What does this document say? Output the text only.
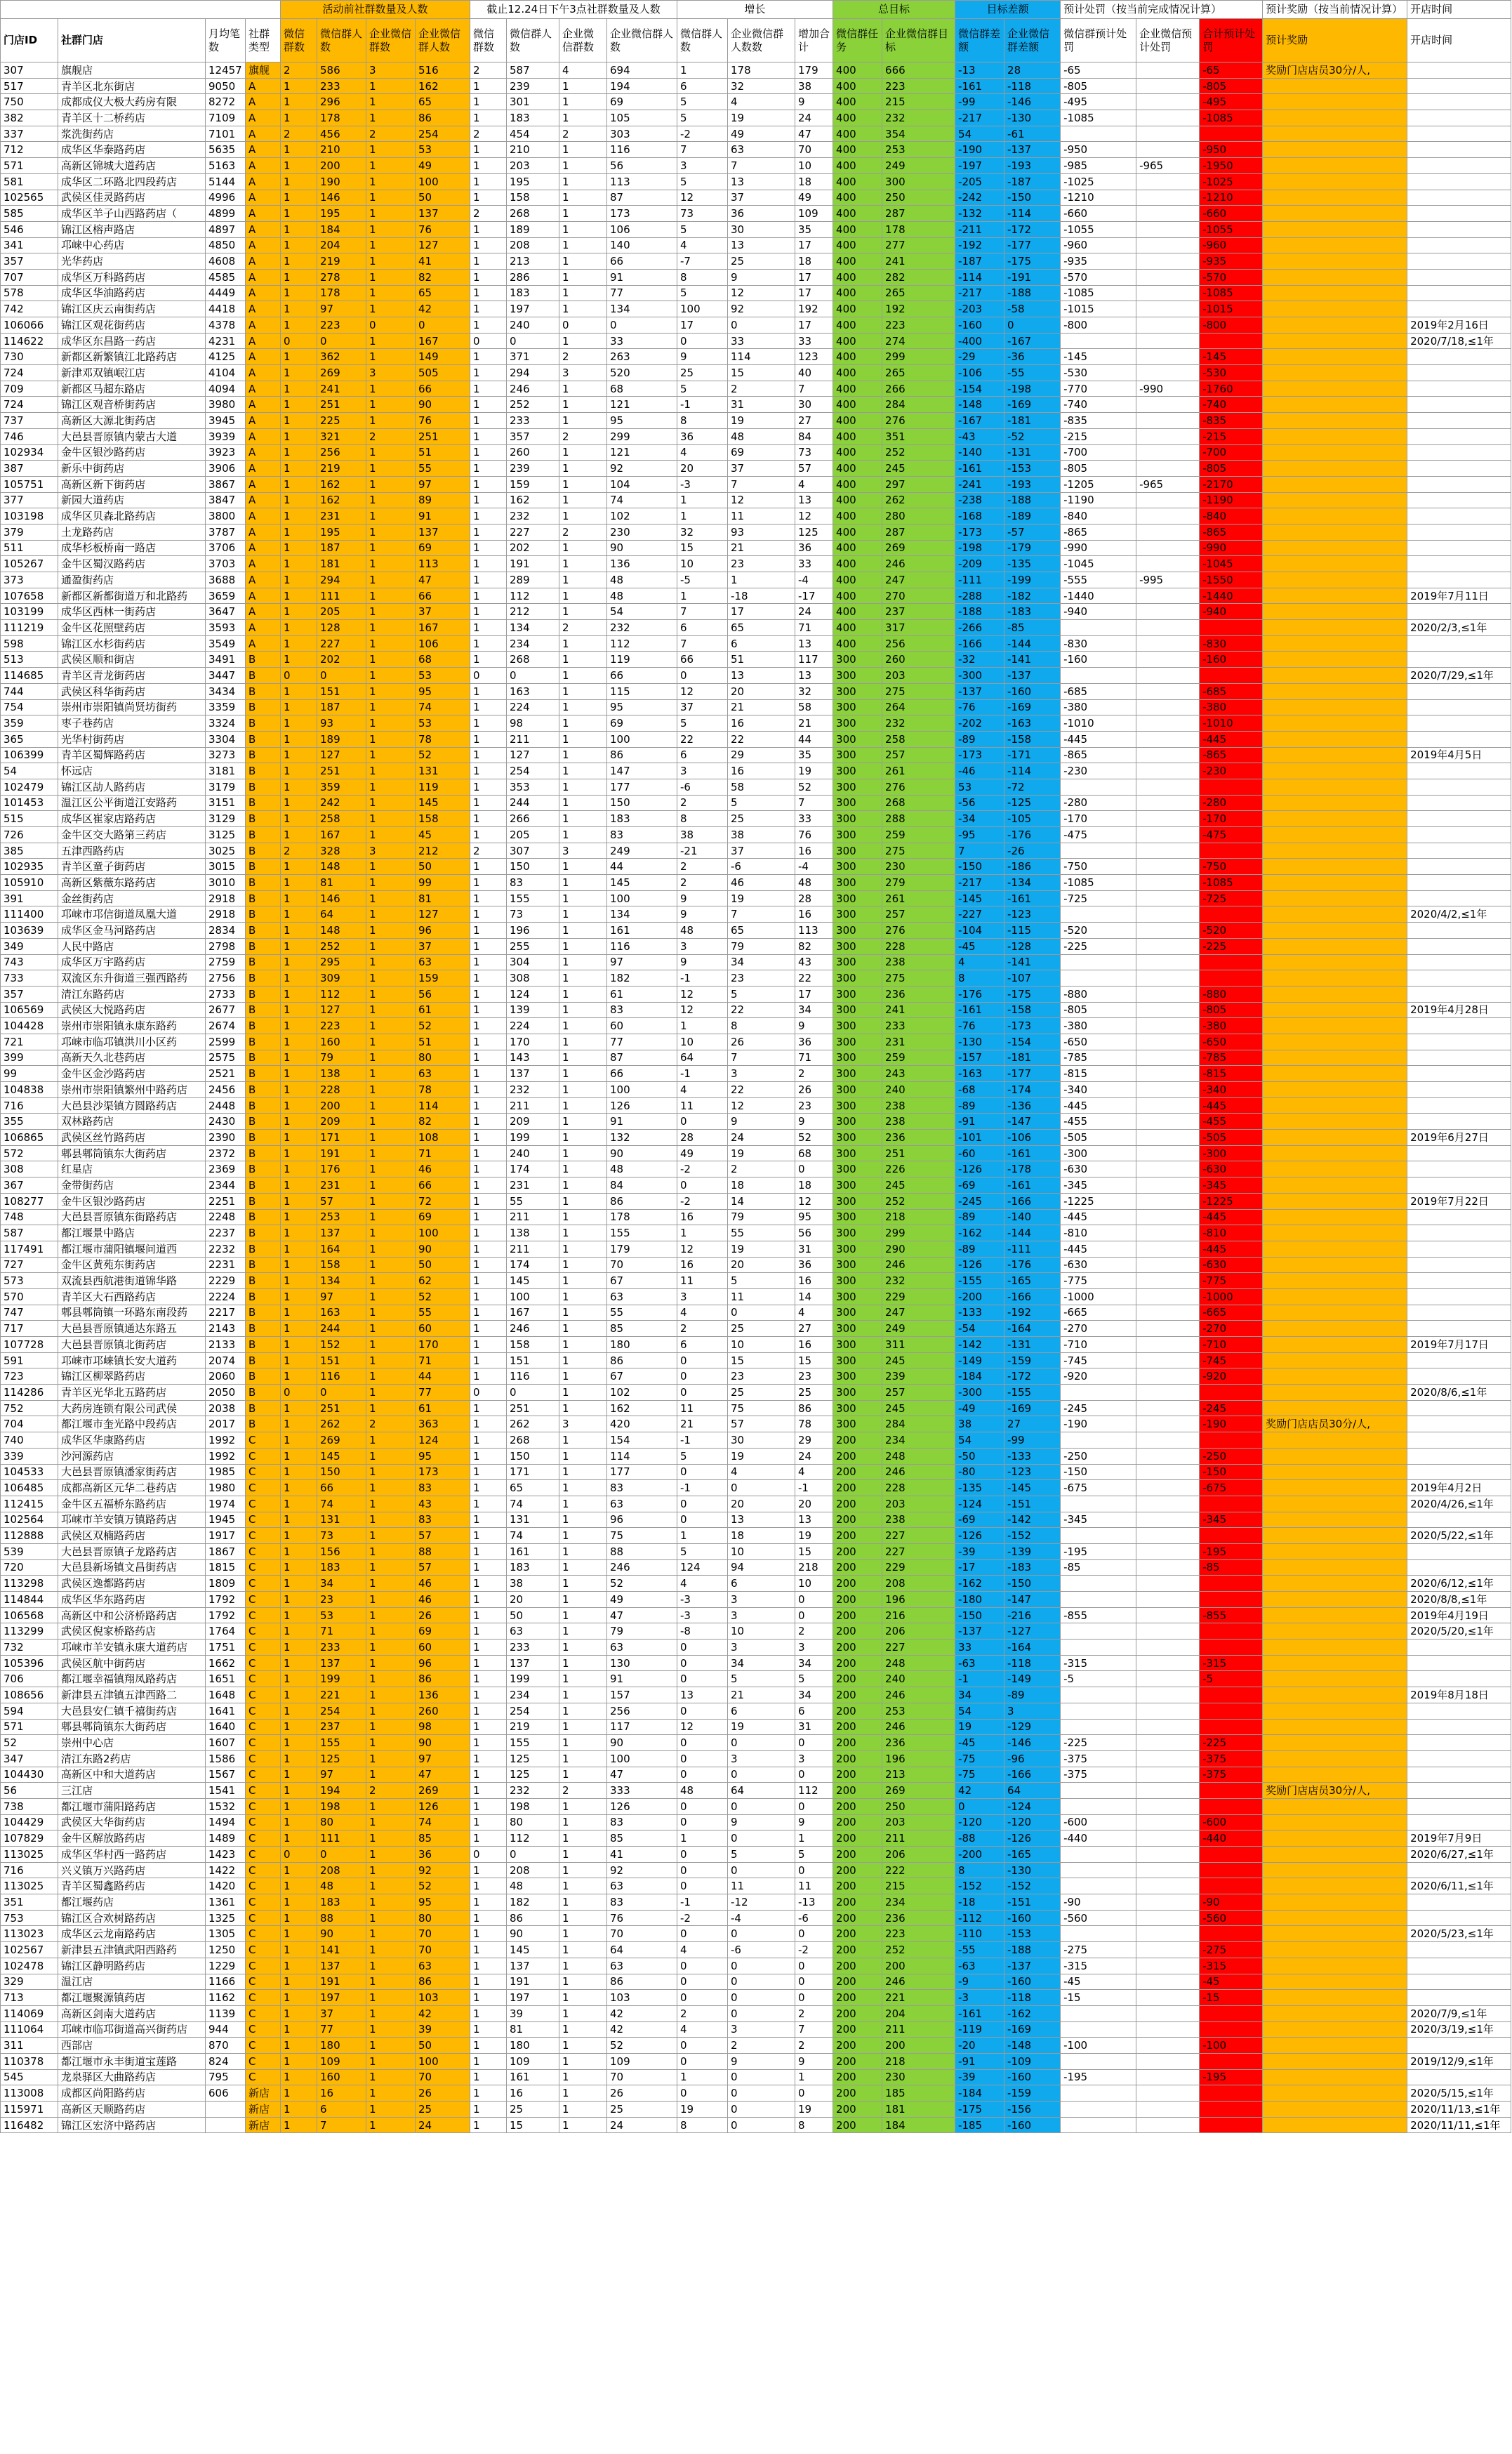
				活动前社群数量及人数				截止12.24日下午3点社群数量及人数				增长			总目标		目标差额		预计处罚（按当前完成情况计算）			预计奖励（按当前情况计算）	开店时间
门店ID	社群门店	月均笔数	社群类型	微信群数	微信群人数	企业微信群数	企业微信群人数	微信群数	微信群人数	企业微信群数	企业微信群人数	微信群人数	企业微信群人数数	增加合计	微信群任务	企业微信群目标	微信群差额	企业微信群差额	微信群预计处罚	企业微信预计处罚	合计预计处罚	预计奖励	开店时间
307	旗舰店	12457	旗舰	2	586	3	516	2	587	4	694	1	178	179	400	666	-13	28	-65		-65	奖励门店店员30分/人,	
517	青羊区北东街店	9050	A	1	233	1	162	1	239	1	194	6	32	38	400	223	-161	-118	-805		-805		
750	成都成仪大极大药房有限	8272	A	1	296	1	65	1	301	1	69	5	4	9	400	215	-99	-146	-495		-495		
382	青羊区十二桥药店	7109	A	1	178	1	86	1	183	1	105	5	19	24	400	232	-217	-130	-1085		-1085		
337	浆洗街药店	7101	A	2	456	2	254	2	454	2	303	-2	49	47	400	354	54	-61					
712	成华区华泰路药店	5635	A	1	210	1	53	1	210	1	116	7	63	70	400	253	-190	-137	-950		-950		
571	高新区锦城大道药店	5163	A	1	200	1	49	1	203	1	56	3	7	10	400	249	-197	-193	-985	-965	-1950		
581	成华区二环路北四段药店	5144	A	1	190	1	100	1	195	1	113	5	13	18	400	300	-205	-187	-1025		-1025		
102565	武侯区佳灵路药店	4996	A	1	146	1	50	1	158	1	87	12	37	49	400	250	-242	-150	-1210		-1210		
585	成华区羊子山西路药店（	4899	A	1	195	1	137	2	268	1	173	73	36	109	400	287	-132	-114	-660		-660		
546	锦江区榕声路店	4897	A	1	184	1	76	1	189	1	106	5	30	35	400	178	-211	-172	-1055		-1055		
341	邛崃中心药店	4850	A	1	204	1	127	1	208	1	140	4	13	17	400	277	-192	-177	-960		-960		
357	光华药店	4608	A	1	219	1	41	1	213	1	66	-7	25	18	400	241	-187	-175	-935		-935		
707	成华区万科路药店	4585	A	1	278	1	82	1	286	1	91	8	9	17	400	282	-114	-191	-570		-570		
578	成华区华油路药店	4449	A	1	178	1	65	1	183	1	77	5	12	17	400	265	-217	-188	-1085		-1085		
742	锦江区庆云南街药店	4418	A	1	97	1	42	1	197	1	134	100	92	192	400	192	-203	-58	-1015		-1015		
106066	锦江区观花街药店	4378	A	1	223	0	0	1	240	0	0	17	0	17	400	223	-160	0	-800		-800		2019年2月16日
114622	成华区东昌路一药店	4231	A	0	0	1	167	0	0	1	33	0	33	33	400	274	-400	-167					2020/7/18,≤1年
730	新都区新繁镇江北路药店	4125	A	1	362	1	149	1	371	2	263	9	114	123	400	299	-29	-36	-145		-145		
724	新津邓双镇岷江店	4104	A	1	269	3	505	1	294	3	520	25	15	40	400	265	-106	-55	-530		-530		
709	新都区马超东路店	4094	A	1	241	1	66	1	246	1	68	5	2	7	400	266	-154	-198	-770	-990	-1760		
724	锦江区观音桥街药店	3980	A	1	251	1	90	1	252	1	121	-1	31	30	400	284	-148	-169	-740		-740		
737	高新区大源北街药店	3945	A	1	225	1	76	1	233	1	95	8	19	27	400	276	-167	-181	-835		-835		
746	大邑县晋原镇内蒙古大道	3939	A	1	321	2	251	1	357	2	299	36	48	84	400	351	-43	-52	-215		-215		
102934	金牛区银沙路药店	3923	A	1	256	1	51	1	260	1	121	4	69	73	400	252	-140	-131	-700		-700		
387	新乐中街药店	3906	A	1	219	1	55	1	239	1	92	20	37	57	400	245	-161	-153	-805		-805		
105751	高新区新下街药店	3867	A	1	162	1	97	1	159	1	104	-3	7	4	400	297	-241	-193	-1205	-965	-2170		
377	新园大道药店	3847	A	1	162	1	89	1	162	1	74	1	12	13	400	262	-238	-188	-1190		-1190		
103198	成华区贝森北路药店	3800	A	1	231	1	91	1	232	1	102	1	11	12	400	280	-168	-189	-840		-840		
379	土龙路药店	3787	A	1	195	1	137	1	227	2	230	32	93	125	400	287	-173	-57	-865		-865		
511	成华杉板桥南一路店	3706	A	1	187	1	69	1	202	1	90	15	21	36	400	269	-198	-179	-990		-990		
105267	金牛区蜀汉路药店	3703	A	1	181	1	113	1	191	1	136	10	23	33	400	246	-209	-135	-1045		-1045		
373	通盈街药店	3688	A	1	294	1	47	1	289	1	48	-5	1	-4	400	247	-111	-199	-555	-995	-1550		
107658	新都区新都街道万和北路药	3659	A	1	111	1	66	1	112	1	48	1	-18	-17	400	270	-288	-182	-1440		-1440		2019年7月11日
103199	成华区西林一街药店	3647	A	1	205	1	37	1	212	1	54	7	17	24	400	237	-188	-183	-940		-940		
111219	金牛区花照壁药店	3593	A	1	128	1	167	1	134	2	232	6	65	71	400	317	-266	-85					2020/2/3,≤1年
598	锦江区水杉街药店	3549	A	1	227	1	106	1	234	1	112	7	6	13	400	256	-166	-144	-830		-830		
513	武侯区顺和街店	3491	B	1	202	1	68	1	268	1	119	66	51	117	300	260	-32	-141	-160		-160		
114685	青羊区青龙街药店	3447	B	0	0	1	53	0	0	1	66	0	13	13	300	203	-300	-137					2020/7/29,≤1年
744	武侯区科华街药店	3434	B	1	151	1	95	1	163	1	115	12	20	32	300	275	-137	-160	-685		-685		
754	崇州市崇阳镇尚贤坊街药	3359	B	1	187	1	74	1	224	1	95	37	21	58	300	264	-76	-169	-380		-380		
359	枣子巷药店	3324	B	1	93	1	53	1	98	1	69	5	16	21	300	232	-202	-163	-1010		-1010		
365	光华村街药店	3304	B	1	189	1	78	1	211	1	100	22	22	44	300	258	-89	-158	-445		-445		
106399	青羊区蜀辉路药店	3273	B	1	127	1	52	1	127	1	86	6	29	35	300	257	-173	-171	-865		-865		2019年4月5日
54	怀远店	3181	B	1	251	1	131	1	254	1	147	3	16	19	300	261	-46	-114	-230		-230		
102479	锦江区劼人路药店	3179	B	1	359	1	119	1	353	1	177	-6	58	52	300	276	53	-72					
101453	温江区公平街道江安路药	3151	B	1	242	1	145	1	244	1	150	2	5	7	300	268	-56	-125	-280		-280		
515	成华区崔家店路药店	3129	B	1	258	1	158	1	266	1	183	8	25	33	300	288	-34	-105	-170		-170		
726	金牛区交大路第三药店	3125	B	1	167	1	45	1	205	1	83	38	38	76	300	259	-95	-176	-475		-475		
385	五津西路药店	3025	B	2	328	3	212	2	307	3	249	-21	37	16	300	275	7	-26					
102935	青羊区童子街药店	3015	B	1	148	1	50	1	150	1	44	2	-6	-4	300	230	-150	-186	-750		-750		
105910	高新区紫薇东路药店	3010	B	1	81	1	99	1	83	1	145	2	46	48	300	279	-217	-134	-1085		-1085		
391	金丝街药店	2918	B	1	146	1	81	1	155	1	100	9	19	28	300	261	-145	-161	-725		-725		
111400	邛崃市邛信街道凤凰大道	2918	B	1	64	1	127	1	73	1	134	9	7	16	300	257	-227	-123					2020/4/2,≤1年
103639	成华区金马河路药店	2834	B	1	148	1	96	1	196	1	161	48	65	113	300	276	-104	-115	-520		-520		
349	人民中路店	2798	B	1	252	1	37	1	255	1	116	3	79	82	300	228	-45	-128	-225		-225		
743	成华区万宇路药店	2759	B	1	295	1	63	1	304	1	97	9	34	43	300	238	4	-141					
733	双流区东升街道三强西路药	2756	B	1	309	1	159	1	308	1	182	-1	23	22	300	275	8	-107					
357	清江东路药店	2733	B	1	112	1	56	1	124	1	61	12	5	17	300	236	-176	-175	-880		-880		
106569	武侯区大悦路药店	2677	B	1	127	1	61	1	139	1	83	12	22	34	300	241	-161	-158	-805		-805		2019年4月28日
104428	崇州市崇阳镇永康东路药	2674	B	1	223	1	52	1	224	1	60	1	8	9	300	233	-76	-173	-380		-380		
721	邛崃市临邛镇洪川小区药	2599	B	1	160	1	51	1	170	1	77	10	26	36	300	231	-130	-154	-650		-650		
399	高新天久北巷药店	2575	B	1	79	1	80	1	143	1	87	64	7	71	300	259	-157	-181	-785		-785		
99	金牛区金沙路药店	2521	B	1	138	1	63	1	137	1	66	-1	3	2	300	243	-163	-177	-815		-815		
104838	崇州市崇阳镇繁州中路药店	2456	B	1	228	1	78	1	232	1	100	4	22	26	300	240	-68	-174	-340		-340		
716	大邑县沙渠镇方圆路药店	2448	B	1	200	1	114	1	211	1	126	11	12	23	300	238	-89	-136	-445		-445		
355	双林路药店	2430	B	1	209	1	82	1	209	1	91	0	9	9	300	238	-91	-147	-455		-455		
106865	武侯区丝竹路药店	2390	B	1	171	1	108	1	199	1	132	28	24	52	300	236	-101	-106	-505		-505		2019年6月27日
572	郫县郫筒镇东大街药店	2372	B	1	191	1	71	1	240	1	90	49	19	68	300	251	-60	-161	-300		-300		
308	红星店	2369	B	1	176	1	46	1	174	1	48	-2	2	0	300	226	-126	-178	-630		-630		
367	金带街药店	2344	B	1	231	1	66	1	231	1	84	0	18	18	300	245	-69	-161	-345		-345		
108277	金牛区银沙路药店	2251	B	1	57	1	72	1	55	1	86	-2	14	12	300	252	-245	-166	-1225		-1225		2019年7月22日
748	大邑县晋原镇东街路药店	2248	B	1	253	1	69	1	211	1	178	16	79	95	300	218	-89	-140	-445		-445		
587	都江堰景中路店	2237	B	1	137	1	100	1	138	1	155	1	55	56	300	299	-162	-144	-810		-810		
117491	都江堰市蒲阳镇堰问道西	2232	B	1	164	1	90	1	211	1	179	12	19	31	300	290	-89	-111	-445		-445		
727	金牛区黄苑东街药店	2231	B	1	158	1	50	1	174	1	70	16	20	36	300	246	-126	-176	-630		-630		
573	双流县西航港街道锦华路	2229	B	1	134	1	62	1	145	1	67	11	5	16	300	232	-155	-165	-775		-775		
570	青羊区大石西路药店	2224	B	1	97	1	52	1	100	1	63	3	11	14	300	229	-200	-166	-1000		-1000		
747	郫县郫筒镇一环路东南段药	2217	B	1	163	1	55	1	167	1	55	4	0	4	300	247	-133	-192	-665		-665		
717	大邑县晋原镇通达东路五	2143	B	1	244	1	60	1	246	1	85	2	25	27	300	249	-54	-164	-270		-270		
107728	大邑县晋原镇北街药店	2133	B	1	152	1	170	1	158	1	180	6	10	16	300	311	-142	-131	-710		-710		2019年7月17日
591	邛崃市邛崃镇长安大道药	2074	B	1	151	1	71	1	151	1	86	0	15	15	300	245	-149	-159	-745		-745		
723	锦江区柳翠路药店	2060	B	1	116	1	44	1	116	1	67	0	23	23	300	239	-184	-172	-920		-920		
114286	青羊区光华北五路药店	2050	B	0	0	1	77	0	0	1	102	0	25	25	300	257	-300	-155					2020/8/6,≤1年
752	大药房连锁有限公司武侯	2038	B	1	251	1	61	1	251	1	162	11	75	86	300	245	-49	-169	-245		-245		
704	都江堰市奎光路中段药店	2017	B	1	262	2	363	1	262	3	420	21	57	78	300	284	38	27	-190		-190	奖励门店店员30分/人,	
740	成华区华康路药店	1992	C	1	269	1	124	1	268	1	154	-1	30	29	200	234	54	-99					
339	沙河源药店	1992	C	1	145	1	95	1	150	1	114	5	19	24	200	248	-50	-133	-250		-250		
104533	大邑县晋原镇潘家街药店	1985	C	1	150	1	173	1	171	1	177	0	4	4	200	246	-80	-123	-150		-150		
106485	成都高新区元华二巷药店	1980	C	1	66	1	83	1	65	1	83	-1	0	-1	200	228	-135	-145	-675		-675		2019年4月2日
112415	金牛区五福桥东路药店	1974	C	1	74	1	43	1	74	1	63	0	20	20	200	203	-124	-151					2020/4/26,≤1年
102564	邛崃市羊安镇万镇路药店	1945	C	1	131	1	83	1	131	1	96	0	13	13	200	238	-69	-142	-345		-345		
112888	武侯区双楠路药店	1917	C	1	73	1	57	1	74	1	75	1	18	19	200	227	-126	-152					2020/5/22,≤1年
539	大邑县晋原镇子龙路药店	1867	C	1	156	1	88	1	161	1	88	5	10	15	200	227	-39	-139	-195		-195		
720	大邑县新场镇文昌街药店	1815	C	1	183	1	57	1	183	1	246	124	94	218	200	229	-17	-183	-85		-85		
113298	武侯区逸都路药店	1809	C	1	34	1	46	1	38	1	52	4	6	10	200	208	-162	-150					2020/6/12,≤1年
114844	成华区华东路药店	1792	C	1	23	1	46	1	20	1	49	-3	3	0	200	196	-180	-147					2020/8/8,≤1年
106568	高新区中和公济桥路药店	1792	C	1	53	1	26	1	50	1	47	-3	3	0	200	216	-150	-216	-855		-855		2019年4月19日
113299	武侯区倪家桥路药店	1764	C	1	71	1	69	1	63	1	79	-8	10	2	200	206	-137	-127					2020/5/20,≤1年
732	邛崃市羊安镇永康大道药店	1751	C	1	233	1	60	1	233	1	63	0	3	3	200	227	33	-164					
105396	武侯区航中街药店	1662	C	1	137	1	96	1	137	1	130	0	34	34	200	248	-63	-118	-315		-315		
706	都江堰幸福镇翔凤路药店	1651	C	1	199	1	86	1	199	1	91	0	5	5	200	240	-1	-149	-5		-5		
108656	新津县五津镇五津西路二	1648	C	1	221	1	136	1	234	1	157	13	21	34	200	246	34	-89					2019年8月18日
594	大邑县安仁镇千禧街药店	1641	C	1	254	1	260	1	254	1	256	0	6	6	200	253	54	3					
571	郫县郫筒镇东大街药店	1640	C	1	237	1	98	1	219	1	117	12	19	31	200	246	19	-129					
52	崇州中心店	1607	C	1	155	1	90	1	155	1	90	0	0	0	200	236	-45	-146	-225		-225		
347	清江东路2药店	1586	C	1	125	1	97	1	125	1	100	0	3	3	200	196	-75	-96	-375		-375		
104430	高新区中和大道药店	1567	C	1	97	1	47	1	125	1	47	0	0	0	200	213	-75	-166	-375		-375		
56	三江店	1541	C	1	194	2	269	1	232	2	333	48	64	112	200	269	42	64				奖励门店店员30分/人,	
738	都江堰市蒲阳路药店	1532	C	1	198	1	126	1	198	1	126	0	0	0	200	250	0	-124					
104429	武侯区大华街药店	1494	C	1	80	1	74	1	80	1	83	0	9	9	200	203	-120	-120	-600		-600		
107829	金牛区解放路药店	1489	C	1	111	1	85	1	112	1	85	1	0	1	200	211	-88	-126	-440		-440		2019年7月9日
113025	成华区华村西一路药店	1423	C	0	0	1	36	0	0	1	41	0	5	5	200	206	-200	-165					2020/6/27,≤1年
716	兴义镇万兴路药店	1422	C	1	208	1	92	1	208	1	92	0	0	0	200	222	8	-130					
113025	青羊区蜀鑫路药店	1420	C	1	48	1	52	1	48	1	63	0	11	11	200	215	-152	-152					2020/6/11,≤1年
351	都江堰药店	1361	C	1	183	1	95	1	182	1	83	-1	-12	-13	200	234	-18	-151	-90		-90		
753	锦江区合欢树路药店	1325	C	1	88	1	80	1	86	1	76	-2	-4	-6	200	236	-112	-160	-560		-560		
113023	成华区云龙南路药店	1305	C	1	90	1	70	1	90	1	70	0	0	0	200	223	-110	-153					2020/5/23,≤1年
102567	新津县五津镇武阳西路药	1250	C	1	141	1	70	1	145	1	64	4	-6	-2	200	252	-55	-188	-275		-275		
102478	锦江区静明路药店	1229	C	1	137	1	63	1	137	1	63	0	0	0	200	200	-63	-137	-315		-315		
329	温江店	1166	C	1	191	1	86	1	191	1	86	0	0	0	200	246	-9	-160	-45		-45		
713	都江堰聚源镇药店	1162	C	1	197	1	103	1	197	1	103	0	0	0	200	221	-3	-118	-15		-15		
114069	高新区剑南大道药店	1139	C	1	37	1	42	1	39	1	42	2	0	2	200	204	-161	-162					2020/7/9,≤1年
111064	邛崃市临邛街道高兴街药店	944	C	1	77	1	39	1	81	1	42	4	3	7	200	211	-119	-169					2020/3/19,≤1年
311	西部店	870	C	1	180	1	50	1	180	1	52	0	2	2	200	200	-20	-148	-100		-100		
110378	都江堰市永丰街道宝莲路	824	C	1	109	1	100	1	109	1	109	0	9	9	200	218	-91	-109					2019/12/9,≤1年
545	龙泉驿区大曲路药店	795	C	1	160	1	70	1	161	1	70	1	0	1	200	230	-39	-160	-195		-195		
113008	成都区尚阳路药店	606	新店	1	16	1	26	1	16	1	26	0	0	0	200	185	-184	-159					2020/5/15,≤1年
115971	高新区天顺路药店		新店	1	6	1	25	1	25	1	25	19	0	19	200	181	-175	-156					2020/11/13,≤1年
116482	锦江区宏济中路药店		新店	1	7	1	24	1	15	1	24	8	0	8	200	184	-185	-160					2020/11/11,≤1年
